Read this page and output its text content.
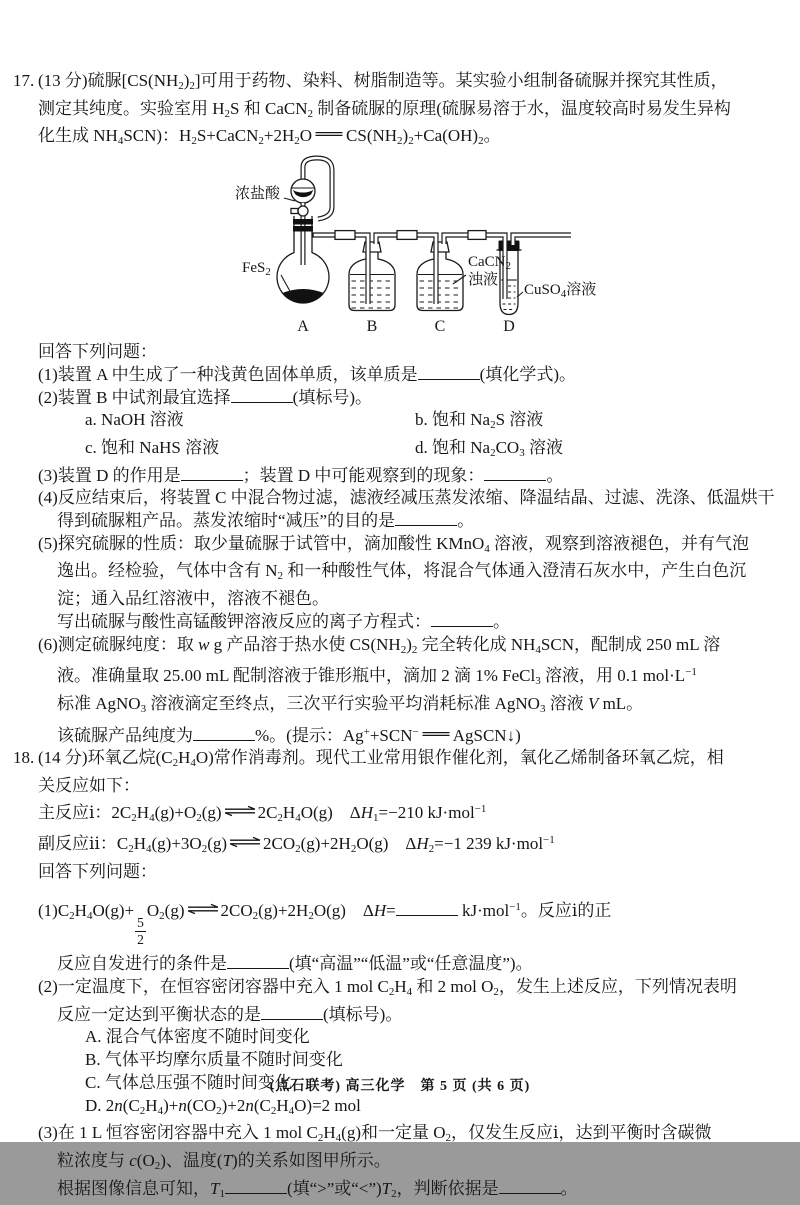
17. (13 分)硫脲$[CS(NH_2)_2]$可用于药物、染料、树脂制造等。某实验小组制备硫脲并探究其性质，
测定其纯度。实验室用 $H_2S$ 和 CaCN$_2$ 制备硫脲的原理(硫脲易溶于水，温度较高时易发生异构
化生成 $NH_4SCN$)：$H_2S+CaCN_2+2H_2O$ $CS(NH_2)_2+Ca(OH)_2$。
浓盐酸
FeS$_2$
CaCN$_2$
浊液
CuSO$_4$溶液
A	B	C	D
回答下列问题：
(1)装置 A 中生成了一种浅黄色固体单质，该单质是	(填化学式)。
(2)装置 B 中试剂最宜选择	(填标号)。
a. NaOH 溶液	b. 饱和 $Na_2S$ 溶液
c. 饱和 NaHS 溶液	d. 饱和 $Na_2CO_3$ 溶液
(3)装置 D 的作用是	；装置 D 中可能观察到的现象：	。
(4)反应结束后，将装置 C 中混合物过滤，滤液经减压蒸发浓缩、降温结晶、过滤、洗涤、低温烘干
得到硫脲粗产品。蒸发浓缩时“减压”的目的是	。
(5)探究硫脲的性质：取少量硫脲于试管中，滴加酸性 KMnO$_4$ 溶液，观察到溶液褪色，并有气泡
逸出。经检验，气体中含有 $N_2$ 和一种酸性气体，将混合气体通入澄清石灰水中，产生白色沉
淀；通入品红溶液中，溶液不褪色。
写出硫脲与酸性高锰酸钾溶液反应的离子方程式：	。
(6)测定硫脲纯度：取 w g 产品溶于热水使 $CS(NH_2)_2$ 完全转化成 $NH_4SCN$，配制成 250 mL 溶
液。准确量取 25.00 mL 配制溶液于锥形瓶中，滴加 2 滴 1% FeCl$_3$ 溶液，用 0.1 $mol\cdot L^{-1}$
标准 AgNO$_3$ 溶液滴定至终点，三次平行实验平均消耗标准 AgNO$_3$ 溶液 V mL。
该硫脲产品纯度为	%。(提示：Ag++SCN− AgSCN↓)
18. (14 分)环氧乙烷$(C_2H_4O)$常作消毒剂。现代工业常用银作催化剂，氧化乙烯制备环氧乙烷，相
关反应如下：
主反应ⅰ：$2C_2H_4(g)+O_2(g)$ $2C_2H_4O(g)$　$\Delta H_1=-210$ kJ·mol$^{-1}$
副反应ⅱ：$C_2H_4(g)+3O_2(g)$ $2CO_2(g)+2H_2O(g)$　$\Delta H_2=-1$ 239 kJ·mol$^{-1}$
回答下列问题：
$(1)C_2H_4O(g)+$
$\frac{5}{2}$
$O_2(g)$ $2CO_2(g)+2H_2O(g)$　ΔH=	kJ·mol$^{-1}$。反应ⅰ的正
反应自发进行的条件是	(填“高温”“低温”或“任意温度”)。
(2)一定温度下，在恒容密闭容器中充入 1 mol $C_2H_4$ 和 2 mol $O_2$，发生上述反应，下列情况表明
反应一定达到平衡状态的是	(填标号)。
A. 混合气体密度不随时间变化
B. 气体平均摩尔质量不随时间变化
C. 气体总压强不随时间变化
D. $2n(C_2H_4)+n(CO_2)+2n(C_2H_4O)=2$ mol
(3)在 1 L 恒容密闭容器中充入 1 mol $C_2H_4(g)$和一定量 $O_2$，仅发生反应ⅰ，达到平衡时含碳微
粒浓度与 $c(O_2)$、温度(T)的关系如图甲所示。
根据图像信息可知，$T_1$	(填“>”或“$<”)T_2$，判断依据是	。
(点石联考) 高三化学　第 5 页 (共 6 页)
